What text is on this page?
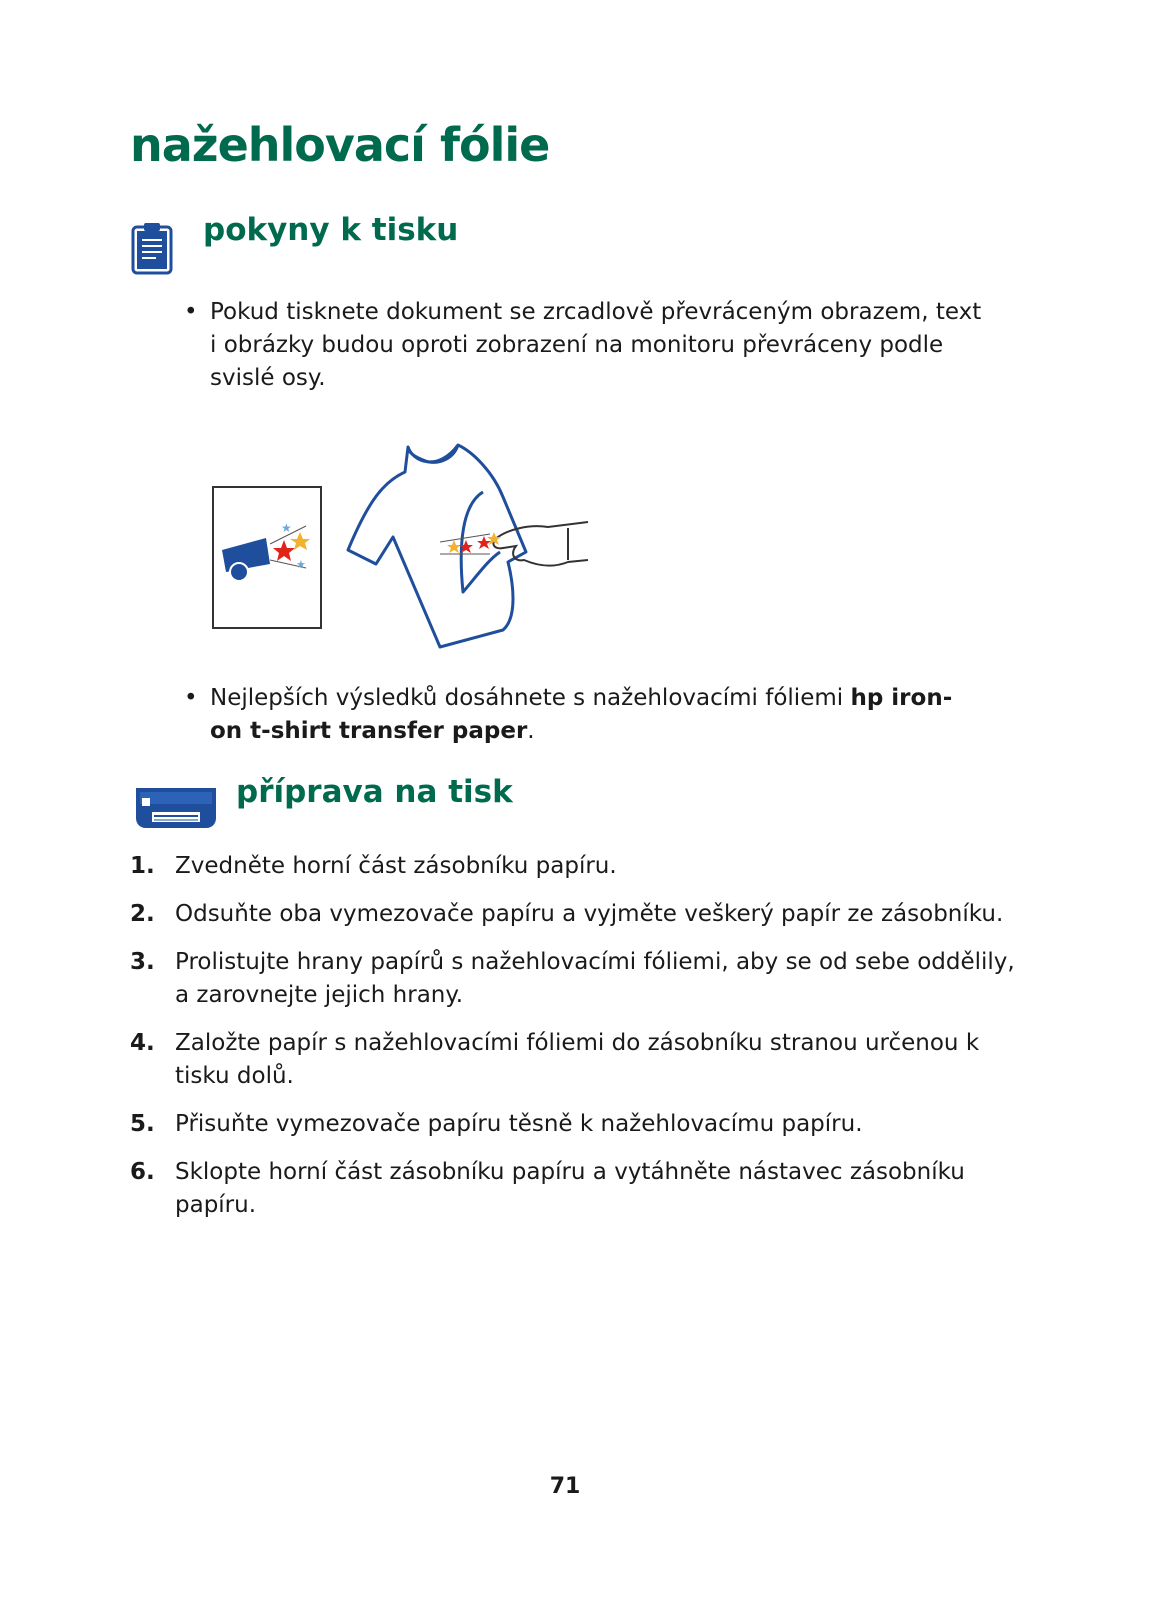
nažehlovací fólie
pokyny k tisku

• Pokud tisknete dokument se zrcadlově převráceným obrazem, text i obrázky budou oproti zobrazení na monitoru převráceny podle svislé osy.

★
★

• Nejlepších výsledků dosáhnete s nažehlovacími fóliemi hp iron-on t-shirt transfer paper.

příprava na tisk
1. Zvedněte horní část zásobníku papíru.
2. Odsuňte oba vymezovače papíru a vyjměte veškerý papír ze zásobníku.
3. Prolistujte hrany papírů s nažehlovacími fóliemi, aby se od sebe oddělily, a zarovnejte jejich hrany.
4. Založte papír s nažehlovacími fóliemi do zásobníku stranou určenou k tisku dolů.
5. Přisuňte vymezovače papíru těsně k nažehlovacímu papíru.
6. Sklopte horní část zásobníku papíru a vytáhněte nástavec zásobníku papíru.
71
